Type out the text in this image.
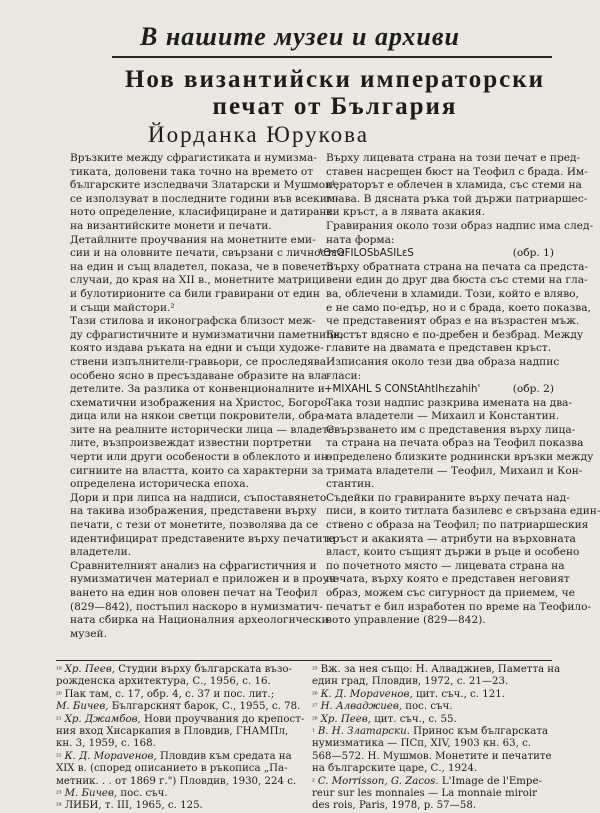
В нашите музеи и архиви
Нов византийски императорски
печат от България
Йорданка Юрукова

Връзките между сфрагистиката и нумизма-
тиката, доловени така точно на времето от
българските изследвачи Златарски и Мушмов¹,
се използуват в последните години във всеким-
ното определение, класифициране и датиране
на византийските монети и печати.

Детайлните проучвания на монетните еми-
сии и на оловните печати, свързани с личността
на един и същ владетел, показа, че в повечето
случаи, до края на XII в., монетните матрици
и булотирионите са били гравирани от един
и същи майстори.²

Тази стилова и иконографска близост меж-
ду сфрагистичните и нумизматични паметници,
която издава ръката на едни и същи художе-
ствени изпълнители-гравьори, се проследява
особено ясно в пресъздаване образите на вла-
детелите. За разлика от конвенционалните и
схематични изображения на Христос, Богоро-
дица или на някои светци покровители, обра-
зите на реалните исторически лица — владете-
лите, възпроизвеждат известни портретни
черти или други особености в облеклото и ин-
сигниите на властта, които са характерни за
определена историческа епоха.

Дори и при липса на надписи, съпоставянето
на такива изображения, представени върху
печати, с тези от монетите, позволява да се
идентифицират представените върху печатите
владетели.

Сравнителният анализ на сфрагистичния и
нумизматичен материал е приложен и в проуч-
ването на един нов оловен печат на Теофил
(829—842), постъпил наскоро в нумизматич-
ната сбирка на Националния археологически
музей.

Върху лицевата страна на този печат е пред-
ставен насрещен бюст на Теофил с брада. Им-
ператорът е облечен в хламида, със стеми на
глава. В дясната ръка той държи патриаршес-
ки кръст, а в лявата акакия.

Гравирания около този образ надпис има след-
ната форма:

*ΘεOFILOSbASILεS	(обр. 1)

Върху обратната страна на печата са предста-
вени един до друг два бюста със стеми на гла-
ва, облечени в хламиди. Този, който е вляво,
е не само по-едър, но и с брада, което показва,
че представеният образ е на възрастен мъж.
Бюстът вдясно е по-дребен и безбрад. Между
главите на двамата е представен кръст.

Изписания около тези два образа надпис
гласи:

+MIXAHL S CONStAhtIhεzahih'	(обр. 2)

Така този надпис разкрива имената на два-
мата владетели — Михаил и Константин.

Свързването им с представения върху лица-
та страна на печата образ на Теофил показва
определено близките роднински връзки между
тримата владетели — Теофил, Михаил и Кон-
стантин.

Съдейки по гравираните върху печата над-
писи, в които титлата базилевс е свързана един-
ствено с образа на Теофил; по патриаршеския
кръст и акакията — атрибути на върховната
власт, които същият държи в ръце и особено
по почетното място — лицевата страна на
печата, върху която е представен неговият
образ, можем със сигурност да приемем, че
печатът е бил изработен по време на Теофило-
вото управление (829—842).

$^{^{19}}$ Хр. Пеев, Студии върху българската възо-
рожденска архитектура, С., 1956, с. 16.
$^{^{20}}$ Пак там, с. 17, обр. 4, с. 37 и пос. лит.;
М. Бичев, Българският барок, С., 1955, с. 78.
$^{^{21}}$ Хр. Джамбов, Нови проучвания до крепост-
ния вход Хисаркапия в Пловдив, ГНАМПл,
кн. 3, 1959, с. 168.
$^{^{22}}$ К. Д. Мораveнов, Пловдив към средата на
XIX в. (според описанието в ръкописа „Па-
метник. . . от 1869 г.") Пловдив, 1930, 224 с.
$^{^{23}}$ М. Бичев, пос. съч.
$^{^{24}}$ ЛИБИ, т. III, 1965, с. 125.
$^{^{25}}$ Вж. за нея също: Н. Алваджиев, Паметта на
един град, Пловдив, 1972, с. 21—23.
$^{^{26}}$ К. Д. Мораveнов, цит. съч., с. 121.
$^{^{27}}$ Н. Алваджиев, пос. съч.
$^{^{28}}$ Хр. Пеев, цит. съч., с. 55.
$^{^1}$ В. Н. Златарски. Принос към българската
нумизматика — ПСп, XIV, 1903 кн. 63, с.
568—572. Н. Мушмов. Монетите и печатите
на българските царе, С., 1924.
$^{^2}$ C. Morrisson, G. Zacos. L'Image de l'Empe-
reur sur les monnaies — La monnaie miroir
des rois, Paris, 1978, p. 57—58.
